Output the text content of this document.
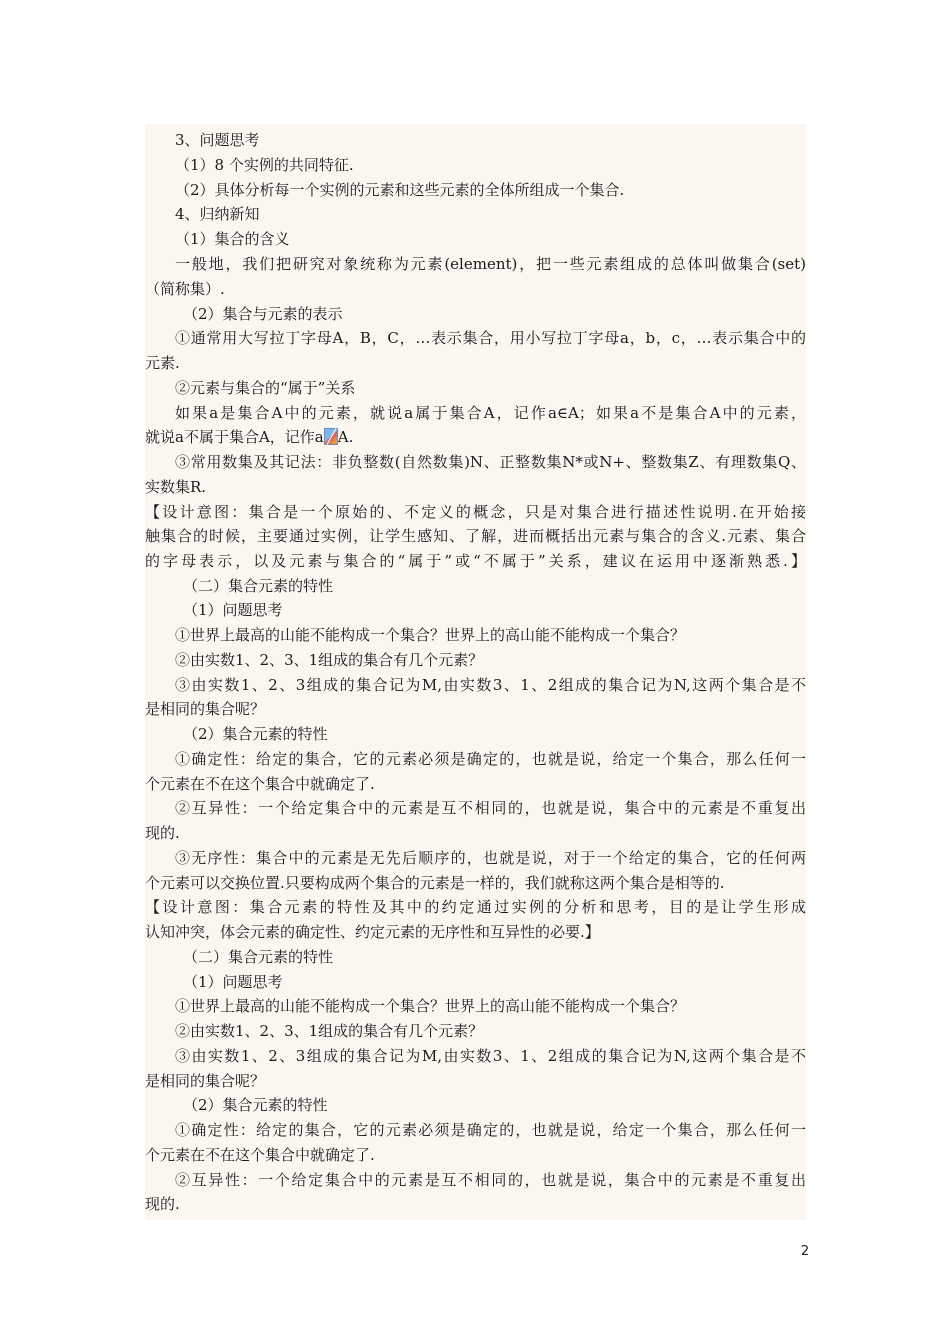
3、问题思考
（1）8 个实例的共同特征.
（2）具体分析每一个实例的元素和这些元素的全体所组成一个集合.
4、归纳新知
（1）集合的含义
一般地，我们把研究对象统称为元素(element)，把一些元素组成的总体叫做集合(set)
（简称集）.
（2）集合与元素的表示
①通常用大写拉丁字母A，B，C，…表示集合，用小写拉丁字母a，b，c，…表示集合中的
元素.
②元素与集合的“属于”关系
如果a是集合A中的元素，就说a属于集合A，记作a∈A；如果a不是集合A中的元素，
就说a不属于集合A，记作a A.
③常用数集及其记法：非负整数(自然数集)N、正整数集N*或N+、整数集Z、有理数集Q、
实数集R.
【设计意图：集合是一个原始的、不定义的概念，只是对集合进行描述性说明.在开始接
触集合的时候，主要通过实例，让学生感知、了解，进而概括出元素与集合的含义.元素、集合
的字母表示，以及元素与集合的“属于”或“不属于”关系，建议在运用中逐渐熟悉.】
（二）集合元素的特性
（1）问题思考
①世界上最高的山能不能构成一个集合？世界上的高山能不能构成一个集合？
②由实数1、2、3、1组成的集合有几个元素？
③由实数1、2、3组成的集合记为M,由实数3、1、2组成的集合记为N,这两个集合是不
是相同的集合呢？
（2）集合元素的特性
①确定性：给定的集合，它的元素必须是确定的，也就是说，给定一个集合，那么任何一
个元素在不在这个集合中就确定了.
②互异性：一个给定集合中的元素是互不相同的，也就是说，集合中的元素是不重复出
现的.
③无序性：集合中的元素是无先后顺序的，也就是说，对于一个给定的集合，它的任何两
个元素可以交换位置.只要构成两个集合的元素是一样的，我们就称这两个集合是相等的.
【设计意图：集合元素的特性及其中的约定通过实例的分析和思考，目的是让学生形成
认知冲突，体会元素的确定性、约定元素的无序性和互异性的必要.】
（二）集合元素的特性
（1）问题思考
①世界上最高的山能不能构成一个集合？世界上的高山能不能构成一个集合？
②由实数1、2、3、1组成的集合有几个元素？
③由实数1、2、3组成的集合记为M,由实数3、1、2组成的集合记为N,这两个集合是不
是相同的集合呢？
（2）集合元素的特性
①确定性：给定的集合，它的元素必须是确定的，也就是说，给定一个集合，那么任何一
个元素在不在这个集合中就确定了.
②互异性：一个给定集合中的元素是互不相同的，也就是说，集合中的元素是不重复出
现的.
2
